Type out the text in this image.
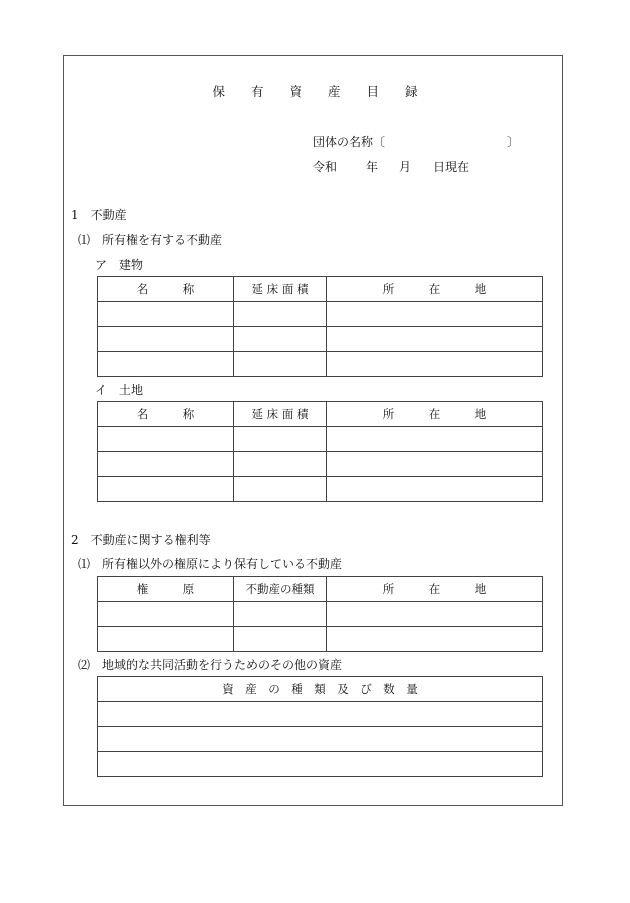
保 有 資 産 目 録
団体の名称〔	〕
令和 年 月 日現在
1　不動産
⑴　所有権を有する不動産
ア　建物
名　　　称	延 床 面 積	所　　　在　　　地

イ　土地
名　　　称	延 床 面 積	所　　　在　　　地

2　不動産に関する権利等
⑴　所有権以外の権原により保有している不動産
権　　　原	不動産の種類	所　　　在　　　地

⑵　地域的な共同活動を行うためのその他の資産
資　産　の　種　類　及　び　数　量
